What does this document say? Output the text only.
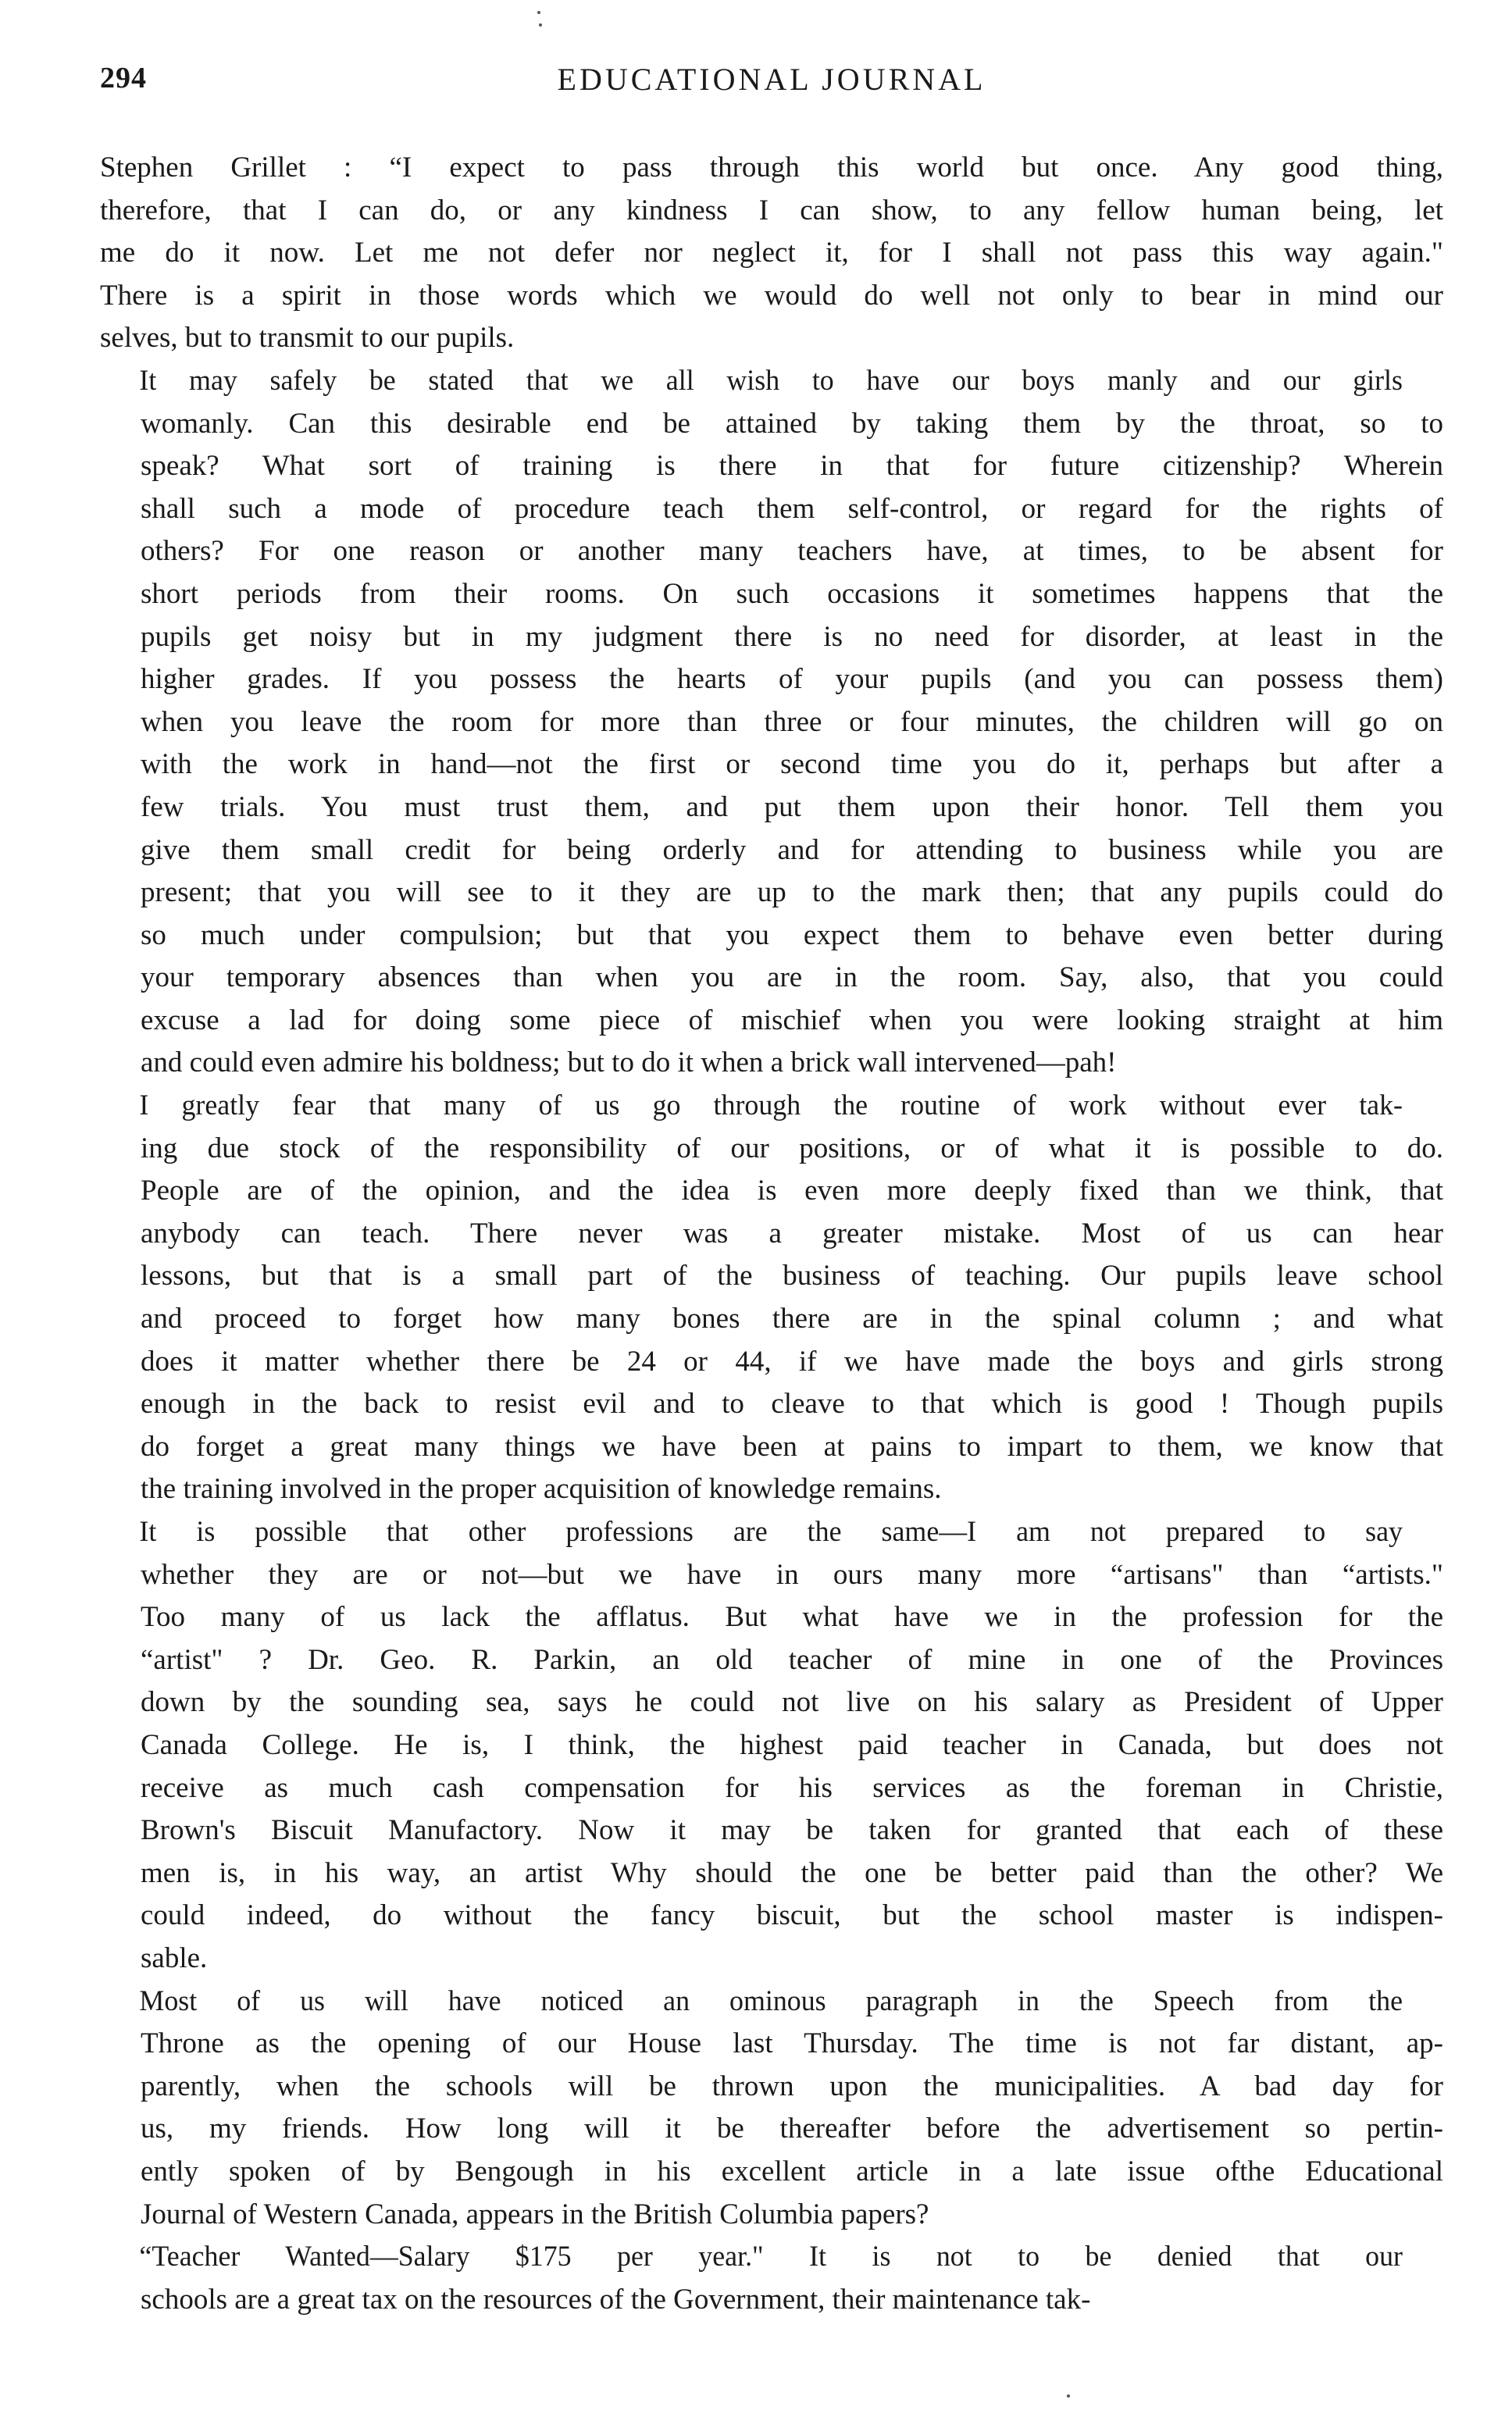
294	EDUCATIONAL JOURNAL
Stephen Grillet : “I expect to pass through this world but once. Any good thing,
therefore, that I can do, or any kindness I can show, to any fellow human being, let
me do it now. Let me not defer nor neglect it, for I shall not pass this way again."
There is a spirit in those words which we would do well not only to bear in mind our
selves, but to transmit to our pupils.
It may safely be stated that we all wish to have our boys manly and our girls
womanly. Can this desirable end be attained by taking them by the throat, so to
speak? What sort of training is there in that for future citizenship? Wherein
shall such a mode of procedure teach them self-control, or regard for the rights of
others? For one reason or another many teachers have, at times, to be absent for
short periods from their rooms. On such occasions it sometimes happens that the
pupils get noisy but in my judgment there is no need for disorder, at least in the
higher grades. If you possess the hearts of your pupils (and you can possess them)
when you leave the room for more than three or four minutes, the children will go on
with the work in hand—not the first or second time you do it, perhaps but after a
few trials. You must trust them, and put them upon their honor. Tell them you
give them small credit for being orderly and for attending to business while you are
present; that you will see to it they are up to the mark then; that any pupils could do
so much under compulsion; but that you expect them to behave even better during
your temporary absences than when you are in the room. Say, also, that you could
excuse a lad for doing some piece of mischief when you were looking straight at him
and could even admire his boldness; but to do it when a brick wall intervened—pah!
I greatly fear that many of us go through the routine of work without ever tak-
ing due stock of the responsibility of our positions, or of what it is possible to do.
People are of the opinion, and the idea is even more deeply fixed than we think, that
anybody can teach. There never was a greater mistake. Most of us can hear
lessons, but that is a small part of the business of teaching. Our pupils leave school
and proceed to forget how many bones there are in the spinal column ; and what
does it matter whether there be 24 or 44, if we have made the boys and girls strong
enough in the back to resist evil and to cleave to that which is good ! Though pupils
do forget a great many things we have been at pains to impart to them, we know that
the training involved in the proper acquisition of knowledge remains.
It is possible that other professions are the same—I am not prepared to say
whether they are or not—but we have in ours many more “artisans" than “artists."
Too many of us lack the afflatus. But what have we in the profession for the
“artist" ? Dr. Geo. R. Parkin, an old teacher of mine in one of the Provinces
down by the sounding sea, says he could not live on his salary as President of Upper
Canada College. He is, I think, the highest paid teacher in Canada, but does not
receive as much cash compensation for his services as the foreman in Christie,
Brown's Biscuit Manufactory. Now it may be taken for granted that each of these
men is, in his way, an artist Why should the one be better paid than the other? We
could indeed, do without the fancy biscuit, but the school master is indispen-
sable.
Most of us will have noticed an ominous paragraph in the Speech from the
Throne as the opening of our House last Thursday. The time is not far distant, ap-
parently, when the schools will be thrown upon the municipalities. A bad day for
us, my friends. How long will it be thereafter before the advertisement so pertin-
ently spoken of by Bengough in his excellent article in a late issue ofthe Educational
Journal of Western Canada, appears in the British Columbia papers?
“Teacher Wanted—Salary $175 per year." It is not to be denied that our
schools are a great tax on the resources of the Government, their maintenance tak-
